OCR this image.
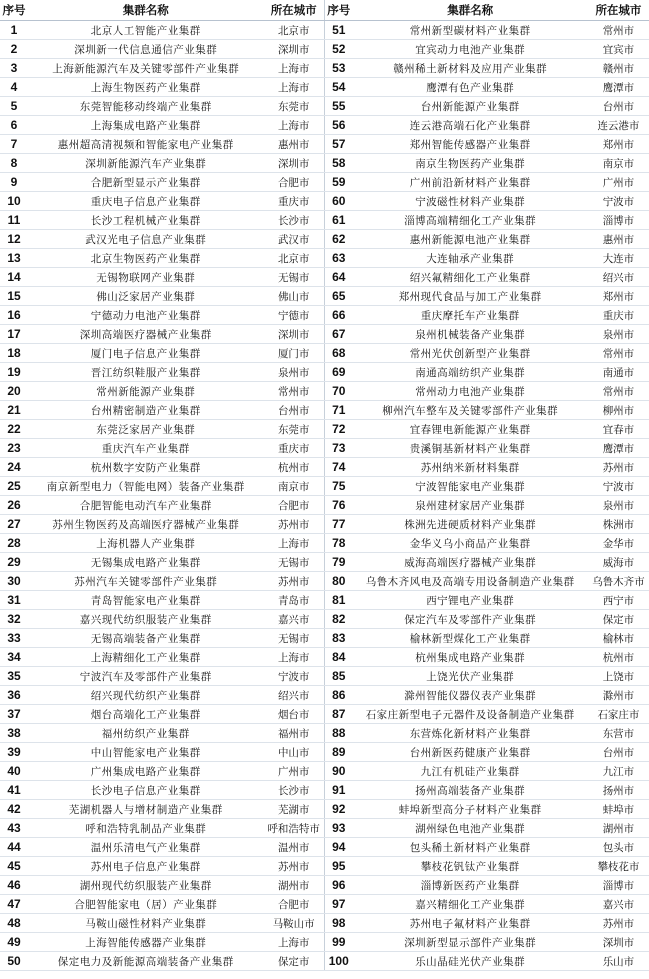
序号	集群名称	所在城市	序号	集群名称	所在城市
1	北京人工智能产业集群	北京市	51	常州新型碳材料产业集群	常州市
2	深圳新一代信息通信产业集群	深圳市	52	宜宾动力电池产业集群	宜宾市
3	上海新能源汽车及关键零部件产业集群	上海市	53	赣州稀土新材料及应用产业集群	赣州市
4	上海生物医药产业集群	上海市	54	鹰潭有色产业集群	鹰潭市
5	东莞智能移动终端产业集群	东莞市	55	台州新能源产业集群	台州市
6	上海集成电路产业集群	上海市	56	连云港高端石化产业集群	连云港市
7	惠州超高清视频和智能家电产业集群	惠州市	57	郑州智能传感器产业集群	郑州市
8	深圳新能源汽车产业集群	深圳市	58	南京生物医药产业集群	南京市
9	合肥新型显示产业集群	合肥市	59	广州前沿新材料产业集群	广州市
10	重庆电子信息产业集群	重庆市	60	宁波磁性材料产业集群	宁波市
11	长沙工程机械产业集群	长沙市	61	淄博高端精细化工产业集群	淄博市
12	武汉光电子信息产业集群	武汉市	62	惠州新能源电池产业集群	惠州市
13	北京生物医药产业集群	北京市	63	大连轴承产业集群	大连市
14	无锡物联网产业集群	无锡市	64	绍兴氟精细化工产业集群	绍兴市
15	佛山泛家居产业集群	佛山市	65	郑州现代食品与加工产业集群	郑州市
16	宁德动力电池产业集群	宁德市	66	重庆摩托车产业集群	重庆市
17	深圳高端医疗器械产业集群	深圳市	67	泉州机械装备产业集群	泉州市
18	厦门电子信息产业集群	厦门市	68	常州光伏创新型产业集群	常州市
19	晋江纺织鞋服产业集群	泉州市	69	南通高端纺织产业集群	南通市
20	常州新能源产业集群	常州市	70	常州动力电池产业集群	常州市
21	台州精密制造产业集群	台州市	71	柳州汽车整车及关键零部件产业集群	柳州市
22	东莞泛家居产业集群	东莞市	72	宜春锂电新能源产业集群	宜春市
23	重庆汽车产业集群	重庆市	73	贵溪铜基新材料产业集群	鹰潭市
24	杭州数字安防产业集群	杭州市	74	苏州纳米新材料集群	苏州市
25	南京新型电力（智能电网）装备产业集群	南京市	75	宁波智能家电产业集群	宁波市
26	合肥智能电动汽车产业集群	合肥市	76	泉州建材家居产业集群	泉州市
27	苏州生物医药及高端医疗器械产业集群	苏州市	77	株洲先进硬质材料产业集群	株洲市
28	上海机器人产业集群	上海市	78	金华义乌小商品产业集群	金华市
29	无锡集成电路产业集群	无锡市	79	威海高端医疗器械产业集群	威海市
30	苏州汽车关键零部件产业集群	苏州市	80	乌鲁木齐风电及高端专用设备制造产业集群	乌鲁木齐市
31	青岛智能家电产业集群	青岛市	81	西宁锂电产业集群	西宁市
32	嘉兴现代纺织服装产业集群	嘉兴市	82	保定汽车及零部件产业集群	保定市
33	无锡高端装备产业集群	无锡市	83	榆林新型煤化工产业集群	榆林市
34	上海精细化工产业集群	上海市	84	杭州集成电路产业集群	杭州市
35	宁波汽车及零部件产业集群	宁波市	85	上饶光伏产业集群	上饶市
36	绍兴现代纺织产业集群	绍兴市	86	滁州智能仪器仪表产业集群	滁州市
37	烟台高端化工产业集群	烟台市	87	石家庄新型电子元器件及设备制造产业集群	石家庄市
38	福州纺织产业集群	福州市	88	东营炼化新材料产业集群	东营市
39	中山智能家电产业集群	中山市	89	台州新医药健康产业集群	台州市
40	广州集成电路产业集群	广州市	90	九江有机硅产业集群	九江市
41	长沙电子信息产业集群	长沙市	91	扬州高端装备产业集群	扬州市
42	芜湖机器人与增材制造产业集群	芜湖市	92	蚌埠新型高分子材料产业集群	蚌埠市
43	呼和浩特乳制品产业集群	呼和浩特市	93	湖州绿色电池产业集群	湖州市
44	温州乐清电气产业集群	温州市	94	包头稀土新材料产业集群	包头市
45	苏州电子信息产业集群	苏州市	95	攀枝花钒钛产业集群	攀枝花市
46	湖州现代纺织服装产业集群	湖州市	96	淄博新医药产业集群	淄博市
47	合肥智能家电（居）产业集群	合肥市	97	嘉兴精细化工产业集群	嘉兴市
48	马鞍山磁性材料产业集群	马鞍山市	98	苏州电子氟材料产业集群	苏州市
49	上海智能传感器产业集群	上海市	99	深圳新型显示部件产业集群	深圳市
50	保定电力及新能源高端装备产业集群	保定市	100	乐山晶硅光伏产业集群	乐山市
